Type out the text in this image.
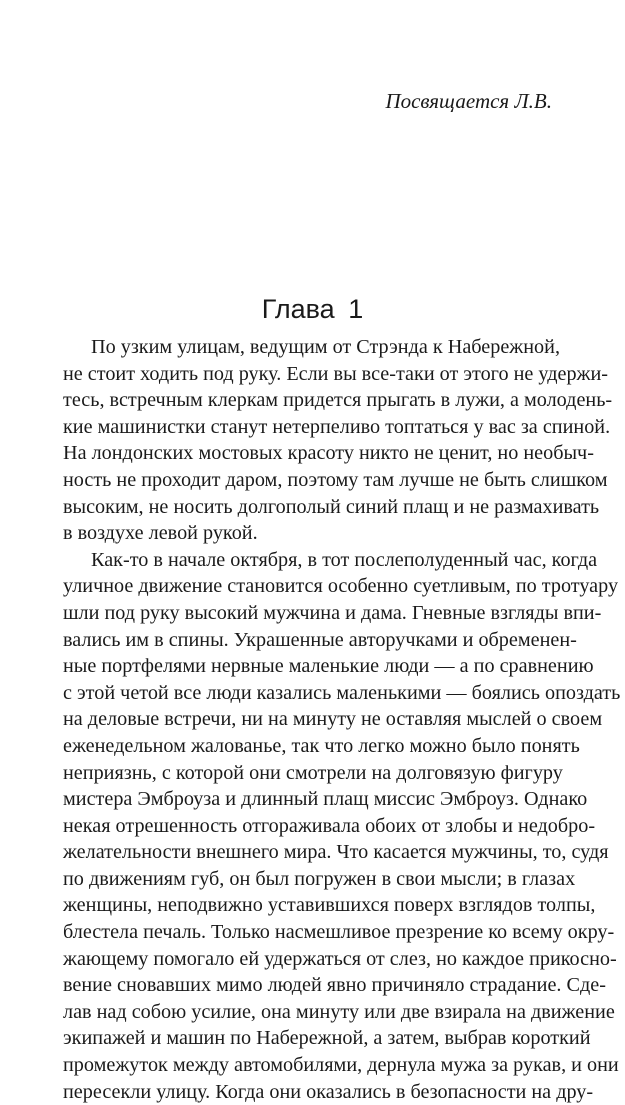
Посвящается Л.В.
Глава 1

По узким улицам, ведущим от Стрэнда к Набережной,
не стоит ходить под руку. Если вы все-таки от этого не удержи-
тесь, встречным клеркам придется прыгать в лужи, а молодень-
кие машинистки станут нетерпеливо топтаться у вас за спиной.
На лондонских мостовых красоту никто не ценит, но необыч-
ность не проходит даром, поэтому там лучше не быть слишком
высоким, не носить долгополый синий плащ и не размахивать
в воздухе левой рукой.

Как-то в начале октября, в тот послеполуденный час, когда
уличное движение становится особенно суетливым, по тротуару
шли под руку высокий мужчина и дама. Гневные взгляды впи-
вались им в спины. Украшенные авторучками и обременен-
ные портфелями нервные маленькие люди — а по сравнению
с этой четой все люди казались маленькими — боялись опоздать
на деловые встречи, ни на минуту не оставляя мыслей о своем
еженедельном жалованье, так что легко можно было понять
неприязнь, с которой они смотрели на долговязую фигуру
мистера Эмброуза и длинный плащ миссис Эмброуз. Однако
некая отрешенность отгораживала обоих от злобы и недобро-
желательности внешнего мира. Что касается мужчины, то, судя
по движениям губ, он был погружен в свои мысли; в глазах
женщины, неподвижно уставившихся поверх взглядов толпы,
блестела печаль. Только насмешливое презрение ко всему окру-
жающему помогало ей удержаться от слез, но каждое прикосно-
вение сновавших мимо людей явно причиняло страдание. Сде-
лав над собою усилие, она минуту или две взирала на движение
экипажей и машин по Набережной, а затем, выбрав короткий
промежуток между автомобилями, дернула мужа за рукав, и они
пересекли улицу. Когда они оказались в безопасности на дру-
